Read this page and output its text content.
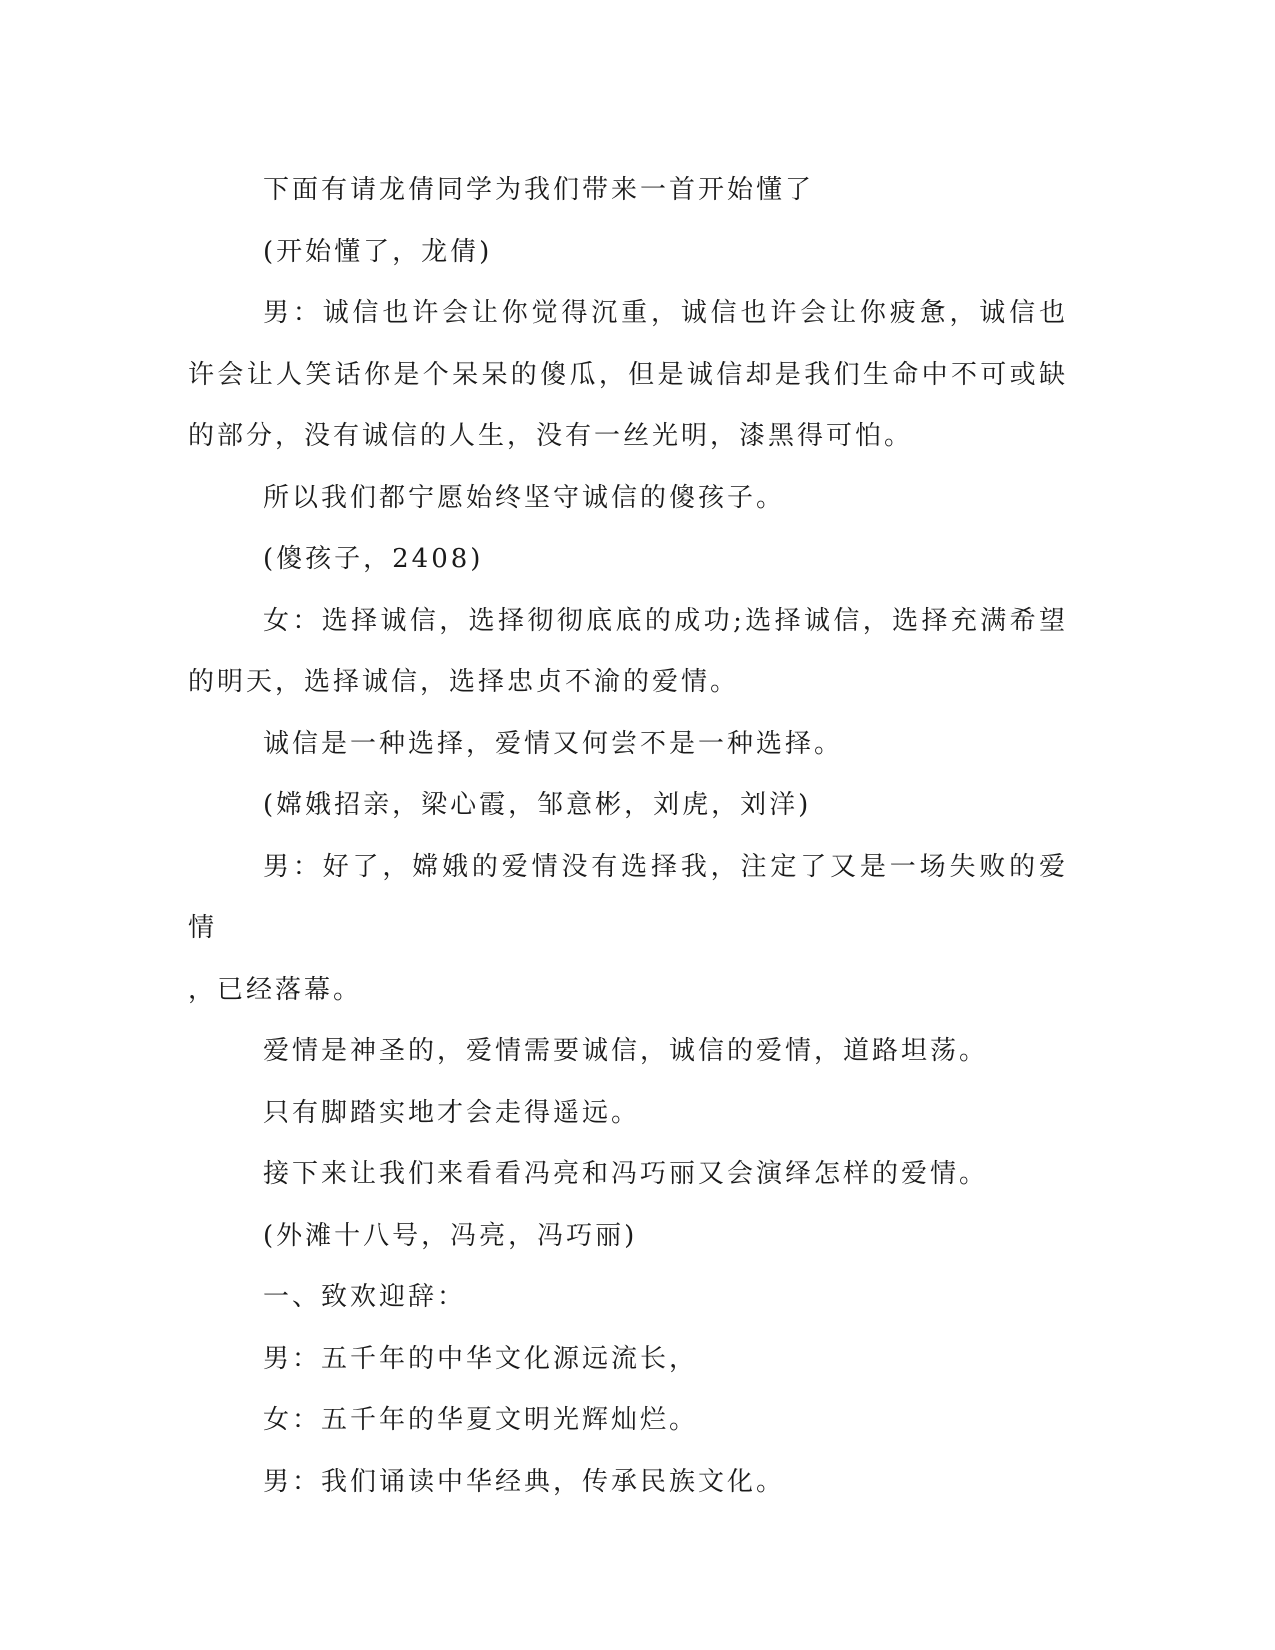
下面有请龙倩同学为我们带来一首开始懂了

(开始懂了，龙倩)

男：诚信也许会让你觉得沉重，诚信也许会让你疲惫，诚信也许会让人笑话你是个呆呆的傻瓜，但是诚信却是我们生命中不可或缺的部分，没有诚信的人生，没有一丝光明，漆黑得可怕。

所以我们都宁愿始终坚守诚信的傻孩子。

(傻孩子，2408)

女：选择诚信，选择彻彻底底的成功;选择诚信，选择充满希望的明天，选择诚信，选择忠贞不渝的爱情。

诚信是一种选择，爱情又何尝不是一种选择。

(嫦娥招亲，梁心霞，邹意彬，刘虎，刘洋)

男：好了，嫦娥的爱情没有选择我，注定了又是一场失败的爱情

，已经落幕。

爱情是神圣的，爱情需要诚信，诚信的爱情，道路坦荡。

只有脚踏实地才会走得遥远。

接下来让我们来看看冯亮和冯巧丽又会演绎怎样的爱情。

(外滩十八号，冯亮，冯巧丽)

一、致欢迎辞：

男：五千年的中华文化源远流长，

女：五千年的华夏文明光辉灿烂。

男：我们诵读中华经典，传承民族文化。
